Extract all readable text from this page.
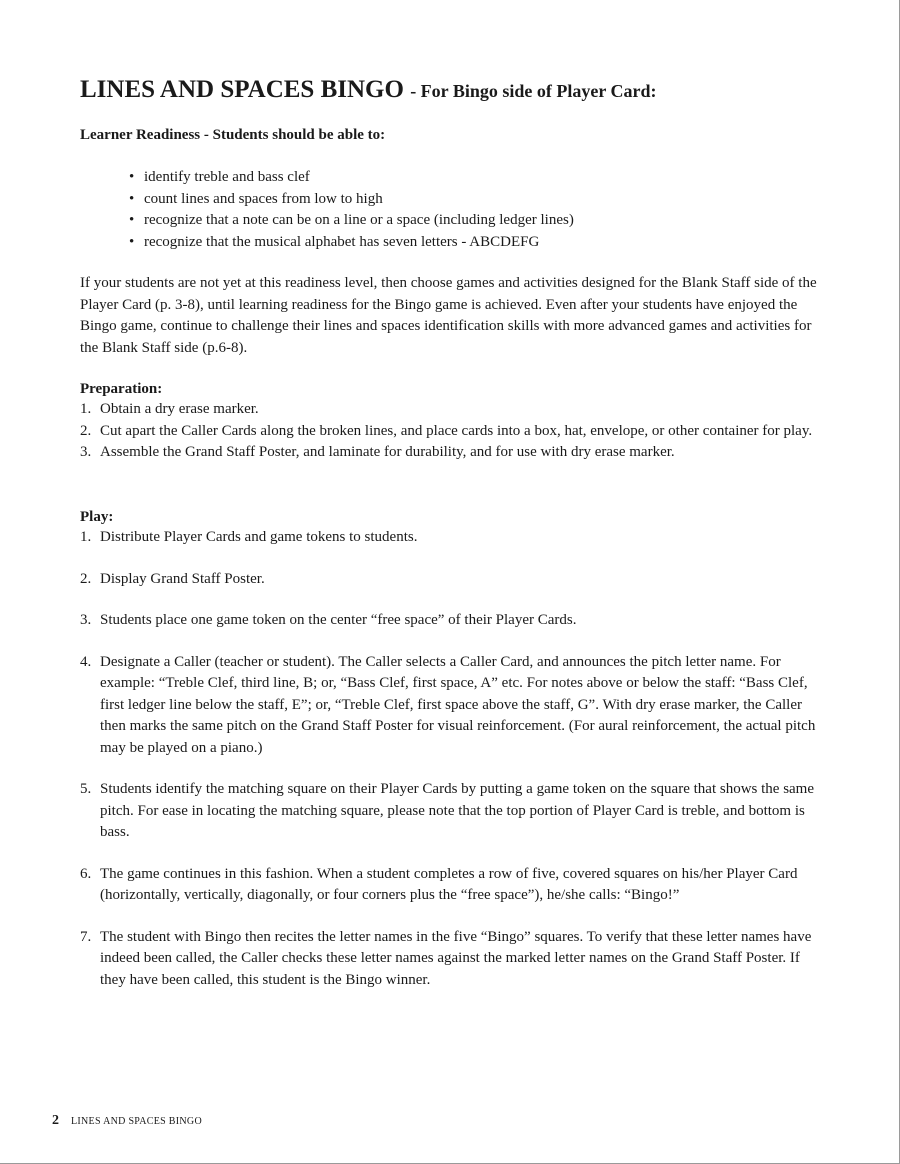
LINES AND SPACES BINGO - For Bingo side of Player Card:
Learner Readiness - Students should be able to:
• identify treble and bass clef
• count lines and spaces from low to high
• recognize that a note can be on a line or a space (including ledger lines)
• recognize that the musical alphabet has seven letters - ABCDEFG

If your students are not yet at this readiness level, then choose games and activities designed for the Blank Staff side of the Player Card (p. 3-8), until learning readiness for the Bingo game is achieved. Even after your students have enjoyed the Bingo game, continue to challenge their lines and spaces identification skills with more advanced games and activities for the Blank Staff side (p.6-8).

Preparation:
1. Obtain a dry erase marker.
2. Cut apart the Caller Cards along the broken lines, and place cards into a box, hat, envelope, or other container for play.
3. Assemble the Grand Staff Poster, and laminate for durability, and for use with dry erase marker.
Play:
1. Distribute Player Cards and game tokens to students.
2. Display Grand Staff Poster.
3. Students place one game token on the center “free space” of their Player Cards.
4. Designate a Caller (teacher or student). The Caller selects a Caller Card, and announces the pitch letter name. For example: “Treble Clef, third line, B; or, “Bass Clef, first space, A” etc. For notes above or below the staff: “Bass Clef, first ledger line below the staff, E”; or, “Treble Clef, first space above the staff, G”. With dry erase marker, the Caller then marks the same pitch on the Grand Staff Poster for visual reinforcement. (For aural reinforcement, the actual pitch may be played on a piano.)
5. Students identify the matching square on their Player Cards by putting a game token on the square that shows the same pitch. For ease in locating the matching square, please note that the top portion of Player Card is treble, and bottom is bass.
6. The game continues in this fashion. When a student completes a row of five, covered squares on his/her Player Card (horizontally, vertically, diagonally, or four corners plus the “free space”), he/she calls: “Bingo!”
7. The student with Bingo then recites the letter names in the five “Bingo” squares. To verify that these letter names have indeed been called, the Caller checks these letter names against the marked letter names on the Grand Staff Poster. If they have been called, this student is the Bingo winner.
2 LINES AND SPACES BINGO
